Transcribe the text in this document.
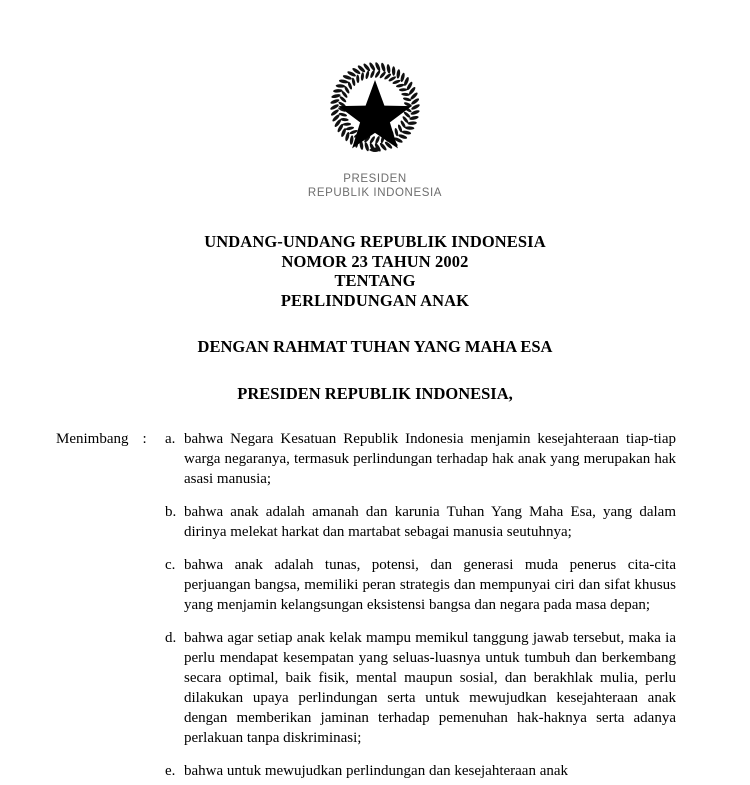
PRESIDEN
REPUBLIK INDONESIA
UNDANG-UNDANG REPUBLIK INDONESIA
NOMOR 23 TAHUN 2002
TENTANG
PERLINDUNGAN ANAK
DENGAN RAHMAT TUHAN YANG MAHA ESA
PRESIDEN REPUBLIK INDONESIA,
Menimbang : a. bahwa Negara Kesatuan Republik Indonesia menjamin kesejahteraan tiap-tiap warga negaranya, termasuk perlindungan terhadap hak anak yang merupakan hak asasi manusia;
b. bahwa anak adalah amanah dan karunia Tuhan Yang Maha Esa, yang dalam dirinya melekat harkat dan martabat sebagai manusia seutuhnya;
c. bahwa anak adalah tunas, potensi, dan generasi muda penerus cita-cita perjuangan bangsa, memiliki peran strategis dan mempunyai ciri dan sifat khusus yang menjamin kelangsungan eksistensi bangsa dan negara pada masa depan;
d. bahwa agar setiap anak kelak mampu memikul tanggung jawab tersebut, maka ia perlu mendapat kesempatan yang seluas-luasnya untuk tumbuh dan berkembang secara optimal, baik fisik, mental maupun sosial, dan berakhlak mulia, perlu dilakukan upaya perlindungan serta untuk mewujudkan kesejahteraan anak dengan memberikan jaminan terhadap pemenuhan hak-haknya serta adanya perlakuan tanpa diskriminasi;
e. bahwa untuk mewujudkan perlindungan dan kesejahteraan anak
